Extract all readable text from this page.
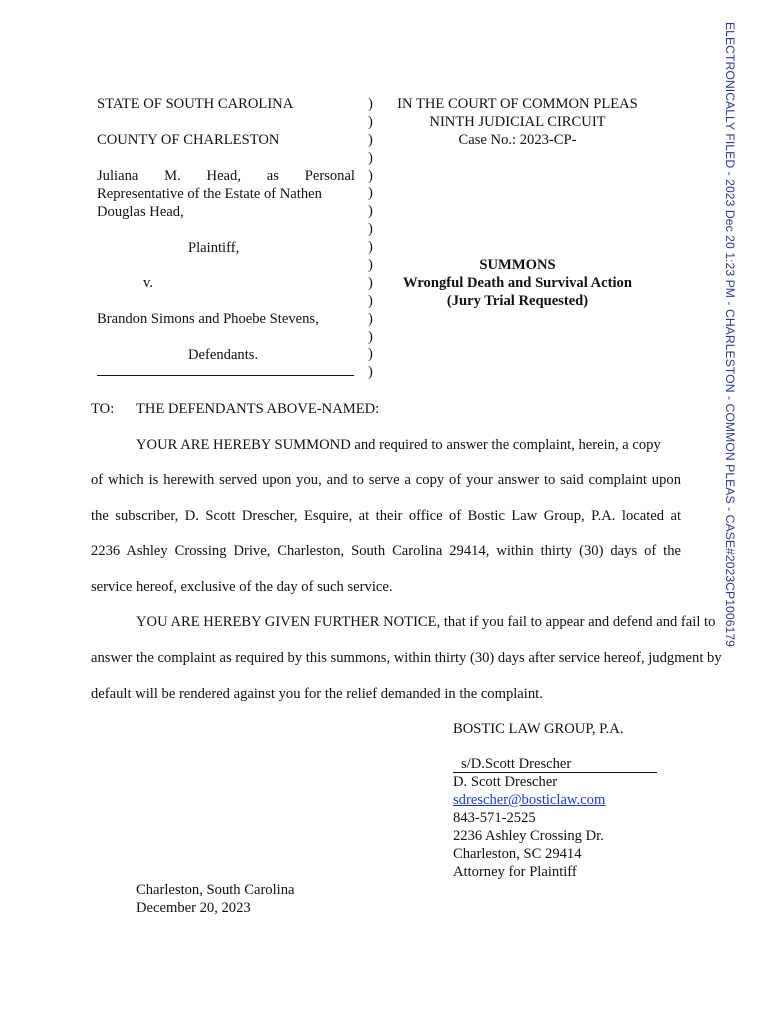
ELECTRONICALLY FILED - 2023 Dec 20 1:23 PM - CHARLESTON - COMMON PLEAS - CASE#2023CP1006179
STATE OF SOUTH CAROLINA
COUNTY OF CHARLESTON
Juliana M. Head, as Personal
Representative of the Estate of Nathen
Douglas Head,
Plaintiff,
v.
Brandon Simons and Phoebe Stevens,
Defendants.
)
)
)
)
)
)
)
)
)
)
)
)
)
)
)
)
IN THE COURT OF COMMON PLEAS
NINTH JUDICIAL CIRCUIT
Case No.: 2023-CP-
SUMMONS
Wrongful Death and Survival Action
(Jury Trial Requested)
TO: THE DEFENDANTS ABOVE-NAMED:
YOUR ARE HEREBY SUMMOND and required to answer the complaint, herein, a copy
of which is herewith served upon you, and to serve a copy of your answer to said complaint upon
the subscriber, D. Scott Drescher, Esquire, at their office of Bostic Law Group, P.A. located at
2236 Ashley Crossing Drive, Charleston, South Carolina 29414, within thirty (30) days of the
service hereof, exclusive of the day of such service.
YOU ARE HEREBY GIVEN FURTHER NOTICE, that if you fail to appear and defend and fail to
answer the complaint as required by this summons, within thirty (30) days after service hereof, judgment by
default will be rendered against you for the relief demanded in the complaint.
BOSTIC LAW GROUP, P.A.
s/D.Scott Drescher
D. Scott Drescher
sdrescher@bosticlaw.com
843-571-2525
2236 Ashley Crossing Dr.
Charleston, SC 29414
Attorney for Plaintiff
Charleston, South Carolina
December 20, 2023
